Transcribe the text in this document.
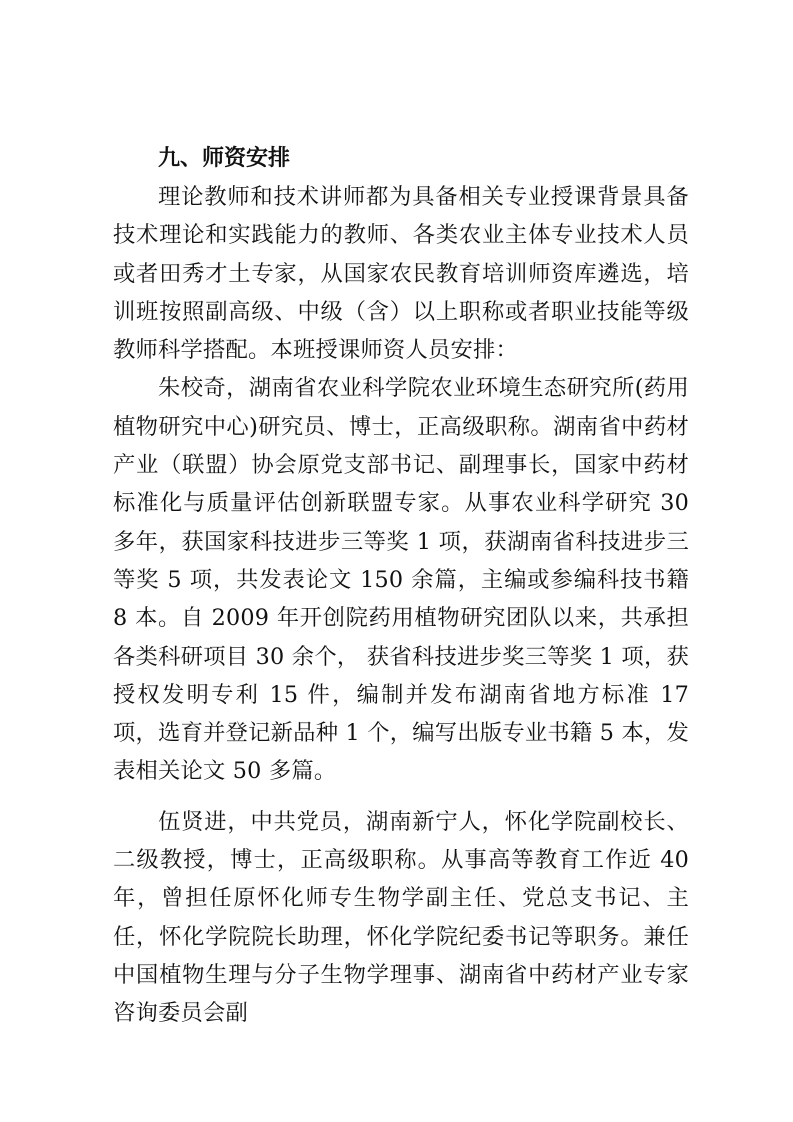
九、师资安排

理论教师和技术讲师都为具备相关专业授课背景具备技术理论和实践能力的教师、各类农业主体专业技术人员或者田秀才土专家，从国家农民教育培训师资库遴选，培训班按照副高级、中级（含）以上职称或者职业技能等级教师科学搭配。本班授课师资人员安排：

朱校奇，湖南省农业科学院农业环境生态研究所(药用植物研究中心)研究员、博士，正高级职称。湖南省中药材产业（联盟）协会原党支部书记、副理事长，国家中药材标准化与质量评估创新联盟专家。从事农业科学研究 30 多年，获国家科技进步三等奖 1 项，获湖南省科技进步三等奖 5 项，共发表论文 150 余篇，主编或参编科技书籍 8 本。自 2009 年开创院药用植物研究团队以来，共承担各类科研项目 30 余个， 获省科技进步奖三等奖 1 项，获授权发明专利 15 件，编制并发布湖南省地方标准 17 项，选育并登记新品种 1 个，编写出版专业书籍 5 本，发表相关论文 50 多篇。

伍贤进，中共党员，湖南新宁人，怀化学院副校长、二级教授，博士，正高级职称。从事高等教育工作近 40 年，曾担任原怀化师专生物学副主任、党总支书记、主任，怀化学院院长助理，怀化学院纪委书记等职务。兼任中国植物生理与分子生物学理事、湖南省中药材产业专家咨询委员会副
